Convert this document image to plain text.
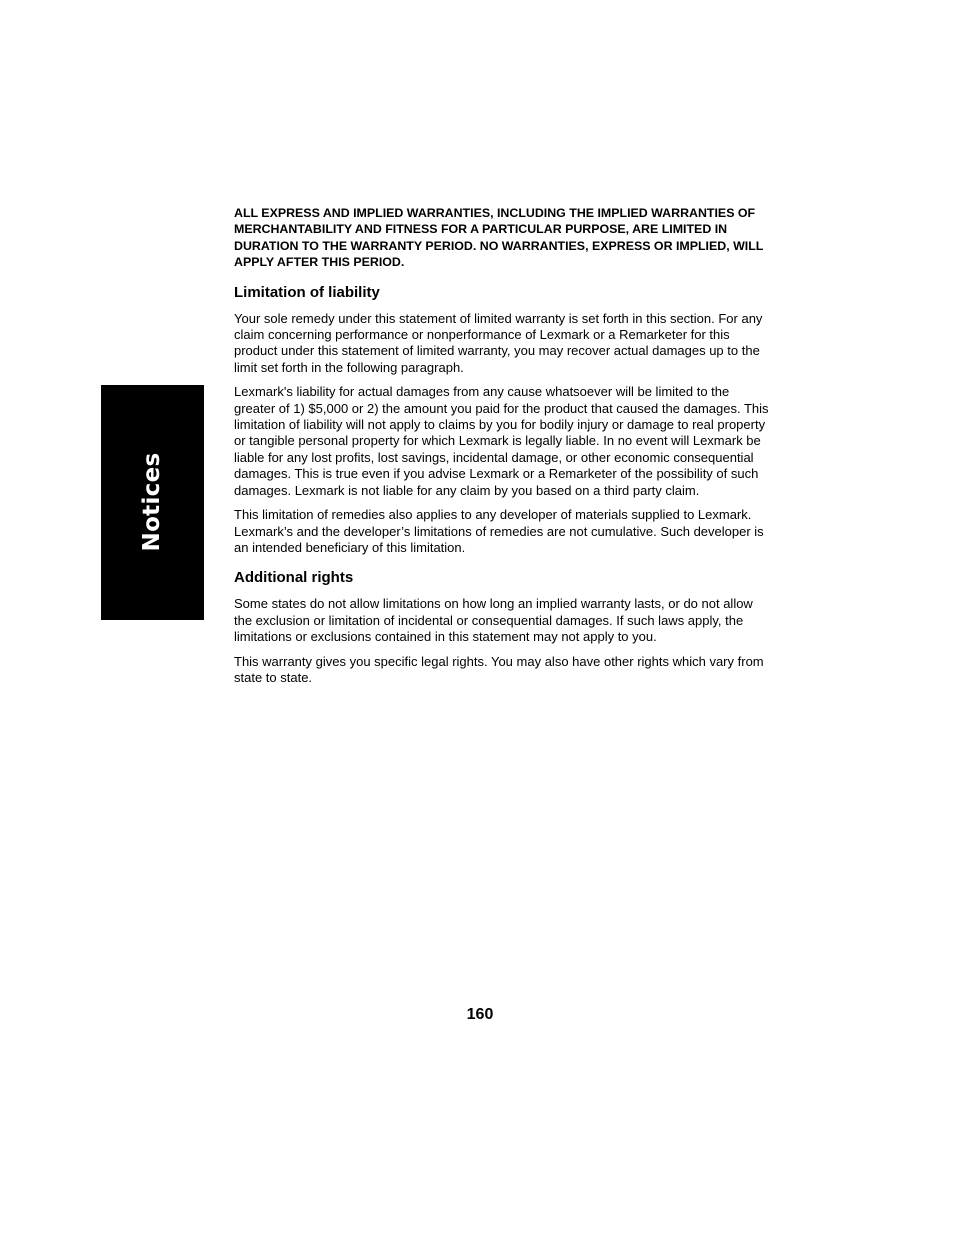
Notices

ALL EXPRESS AND IMPLIED WARRANTIES, INCLUDING THE IMPLIED WARRANTIES OF MERCHANTABILITY AND FITNESS FOR A PARTICULAR PURPOSE, ARE LIMITED IN DURATION TO THE WARRANTY PERIOD. NO WARRANTIES, EXPRESS OR IMPLIED, WILL APPLY AFTER THIS PERIOD.

Limitation of liability

Your sole remedy under this statement of limited warranty is set forth in this section. For any claim concerning performance or nonperformance of Lexmark or a Remarketer for this product under this statement of limited warranty, you may recover actual damages up to the limit set forth in the following paragraph.

Lexmark's liability for actual damages from any cause whatsoever will be limited to the greater of 1) $5,000 or 2) the amount you paid for the product that caused the damages. This limitation of liability will not apply to claims by you for bodily injury or damage to real property or tangible personal property for which Lexmark is legally liable. In no event will Lexmark be liable for any lost profits, lost savings, incidental damage, or other economic consequential damages. This is true even if you advise Lexmark or a Remarketer of the possibility of such damages. Lexmark is not liable for any claim by you based on a third party claim.

This limitation of remedies also applies to any developer of materials supplied to Lexmark. Lexmark’s and the developer’s limitations of remedies are not cumulative. Such developer is an intended beneficiary of this limitation.

Additional rights

Some states do not allow limitations on how long an implied warranty lasts, or do not allow the exclusion or limitation of incidental or consequential damages. If such laws apply, the limitations or exclusions contained in this statement may not apply to you.

This warranty gives you specific legal rights. You may also have other rights which vary from state to state.

160
